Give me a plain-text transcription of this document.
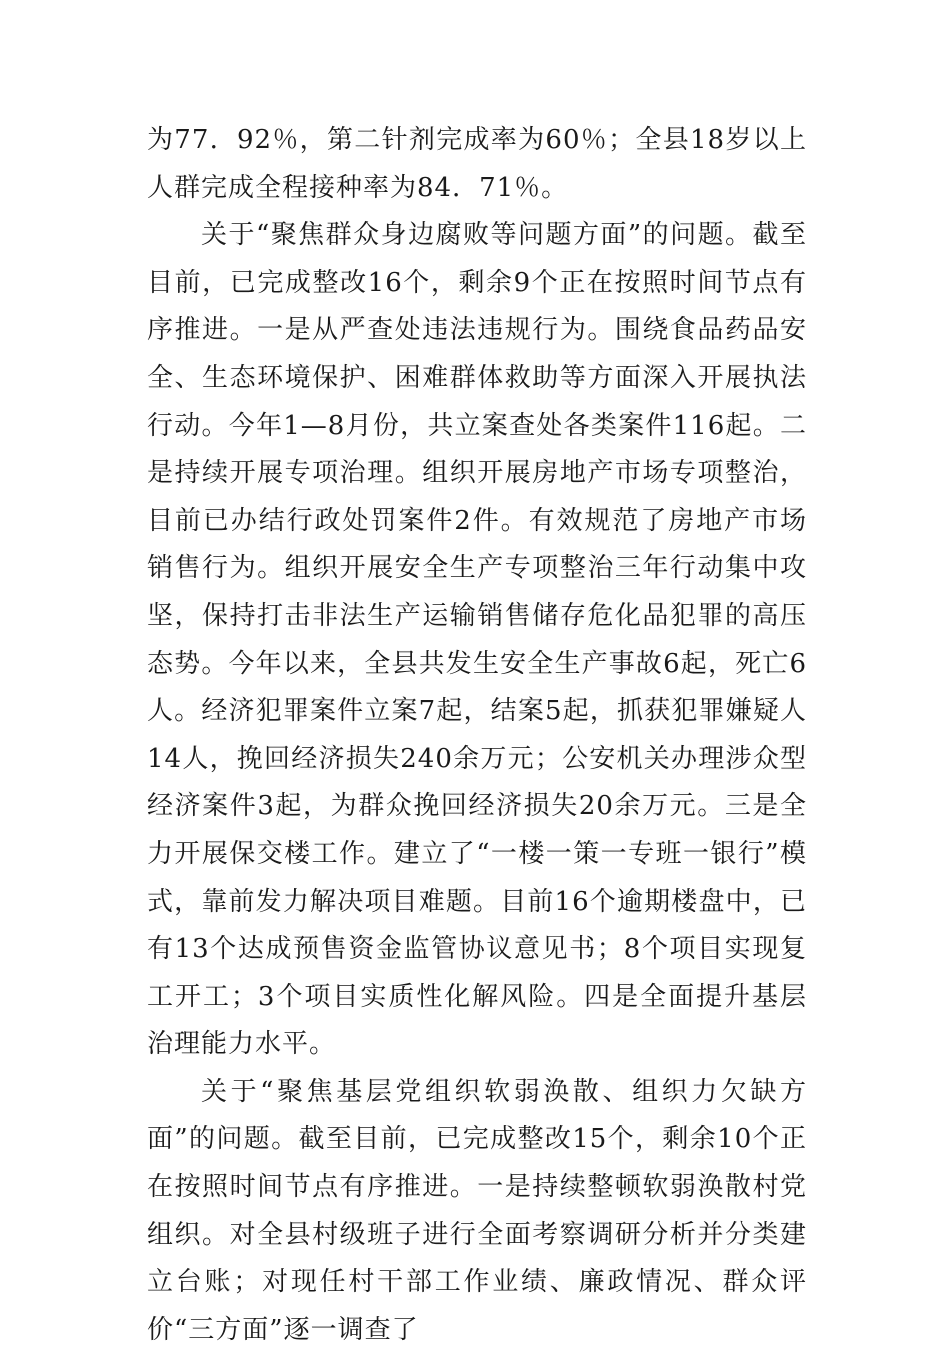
为77．92％，第二针剂完成率为60％；全县18岁以上人群完成全程接种率为84．71％。

关于“聚焦群众身边腐败等问题方面”的问题。截至目前，已完成整改16个，剩余9个正在按照时间节点有序推进。一是从严查处违法违规行为。围绕食品药品安全、生态环境保护、困难群体救助等方面深入开展执法行动。今年1—8月份，共立案查处各类案件116起。二是持续开展专项治理。组织开展房地产市场专项整治，目前已办结行政处罚案件2件。有效规范了房地产市场销售行为。组织开展安全生产专项整治三年行动集中攻坚，保持打击非法生产运输销售储存危化品犯罪的高压态势。今年以来，全县共发生安全生产事故6起，死亡6人。经济犯罪案件立案7起，结案5起，抓获犯罪嫌疑人14人，挽回经济损失240余万元；公安机关办理涉众型经济案件3起，为群众挽回经济损失20余万元。三是全力开展保交楼工作。建立了“一楼一策一专班一银行”模式，靠前发力解决项目难题。目前16个逾期楼盘中，已有13个达成预售资金监管协议意见书；8个项目实现复工开工；3个项目实质性化解风险。四是全面提升基层治理能力水平。

关于“聚焦基层党组织软弱涣散、组织力欠缺方面”的问题。截至目前，已完成整改15个，剩余10个正在按照时间节点有序推进。一是持续整顿软弱涣散村党组织。对全县村级班子进行全面考察调研分析并分类建立台账；对现任村干部工作业绩、廉政情况、群众评价“三方面”逐一调查了
